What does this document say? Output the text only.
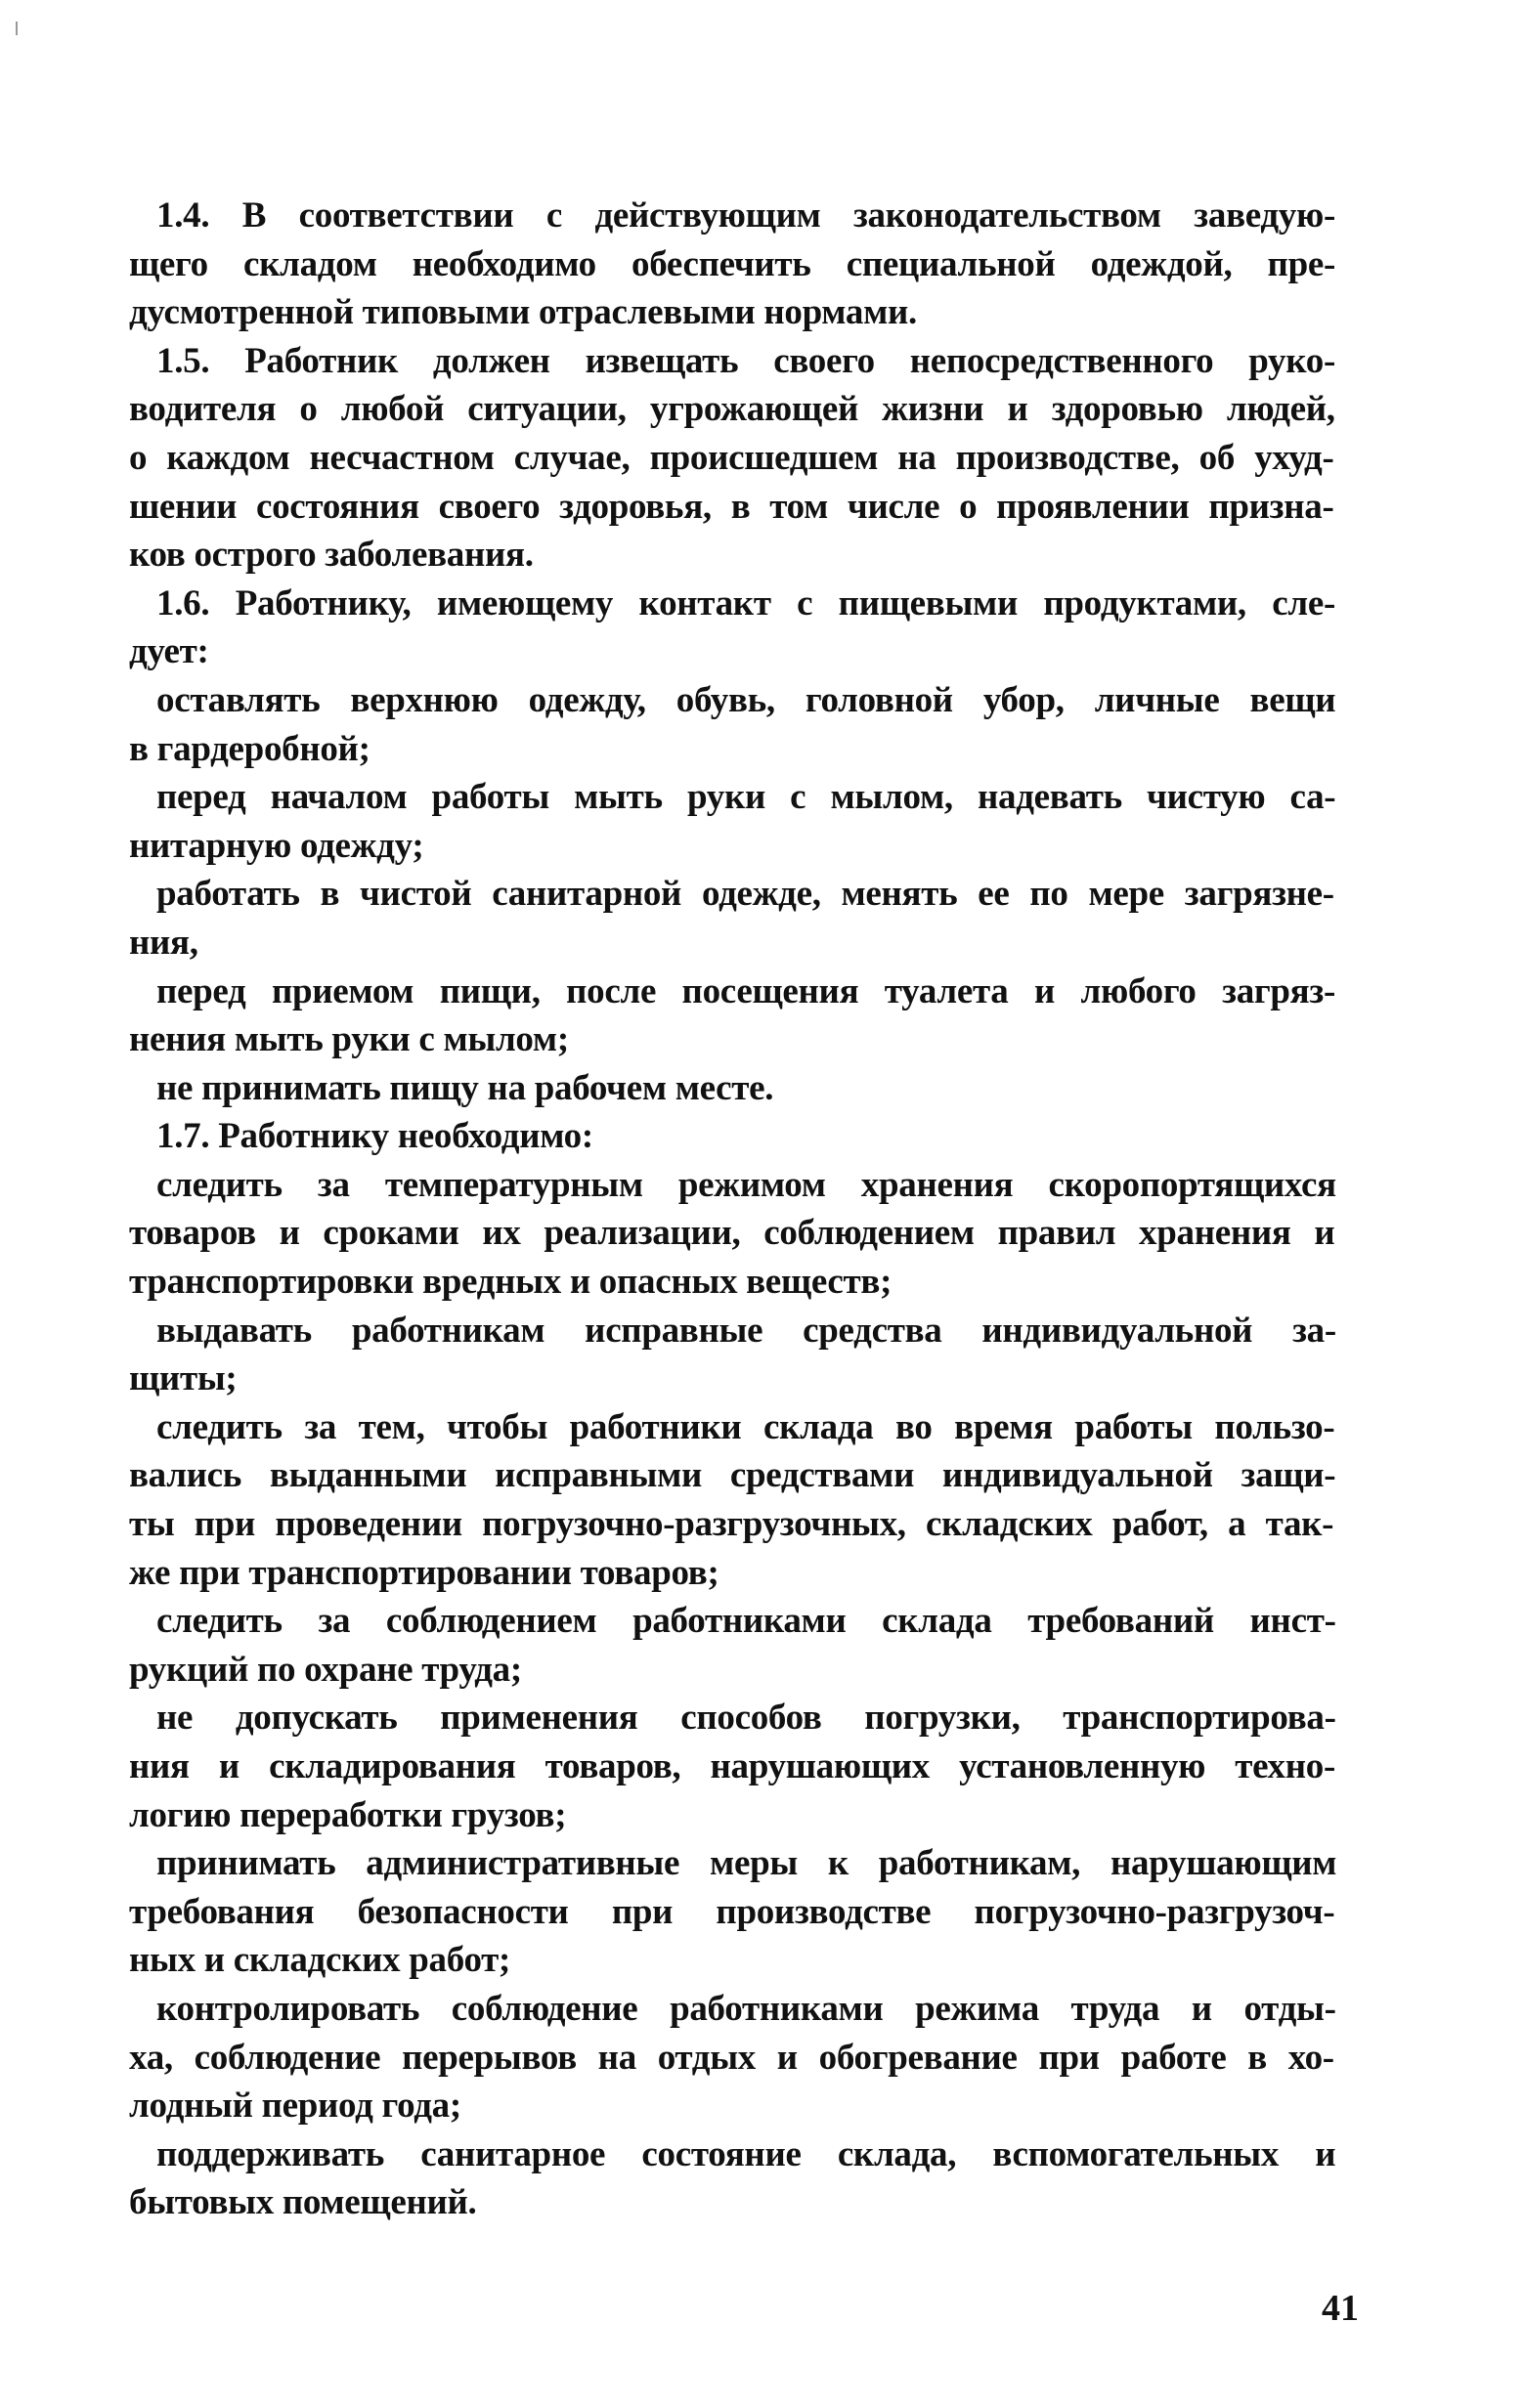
1.4. В соответствии с действующим законодательством заведую-
щего складом необходимо обеспечить специальной одеждой, пре-
дусмотренной типовыми отраслевыми нормами.
1.5. Работник должен извещать своего непосредственного руко-
водителя о любой ситуации, угрожающей жизни и здоровью людей,
о каждом несчастном случае, происшедшем на производстве, об ухуд-
шении состояния своего здоровья, в том числе о проявлении призна-
ков острого заболевания.
1.6. Работнику, имеющему контакт с пищевыми продуктами, сле-
дует:
оставлять верхнюю одежду, обувь, головной убор, личные вещи
в гардеробной;
перед началом работы мыть руки с мылом, надевать чистую са-
нитарную одежду;
работать в чистой санитарной одежде, менять ее по мере загрязне-
ния,
перед приемом пищи, после посещения туалета и любого загряз-
нения мыть руки с мылом;
не принимать пищу на рабочем месте.
1.7. Работнику необходимо:
следить за температурным режимом хранения скоропортящихся
товаров и сроками их реализации, соблюдением правил хранения и
транспортировки вредных и опасных веществ;
выдавать работникам исправные средства индивидуальной за-
щиты;
следить за тем, чтобы работники склада во время работы пользо-
вались выданными исправными средствами индивидуальной защи-
ты при проведении погрузочно-разгрузочных, складских работ, а так-
же при транспортировании товаров;
следить за соблюдением работниками склада требований инст-
рукций по охране труда;
не допускать применения способов погрузки, транспортирова-
ния и складирования товаров, нарушающих установленную техно-
логию переработки грузов;
принимать административные меры к работникам, нарушающим
требования безопасности при производстве погрузочно-разгрузоч-
ных и складских работ;
контролировать соблюдение работниками режима труда и отды-
ха, соблюдение перерывов на отдых и обогревание при работе в хо-
лодный период года;
поддерживать санитарное состояние склада, вспомогательных и
бытовых помещений.
41
